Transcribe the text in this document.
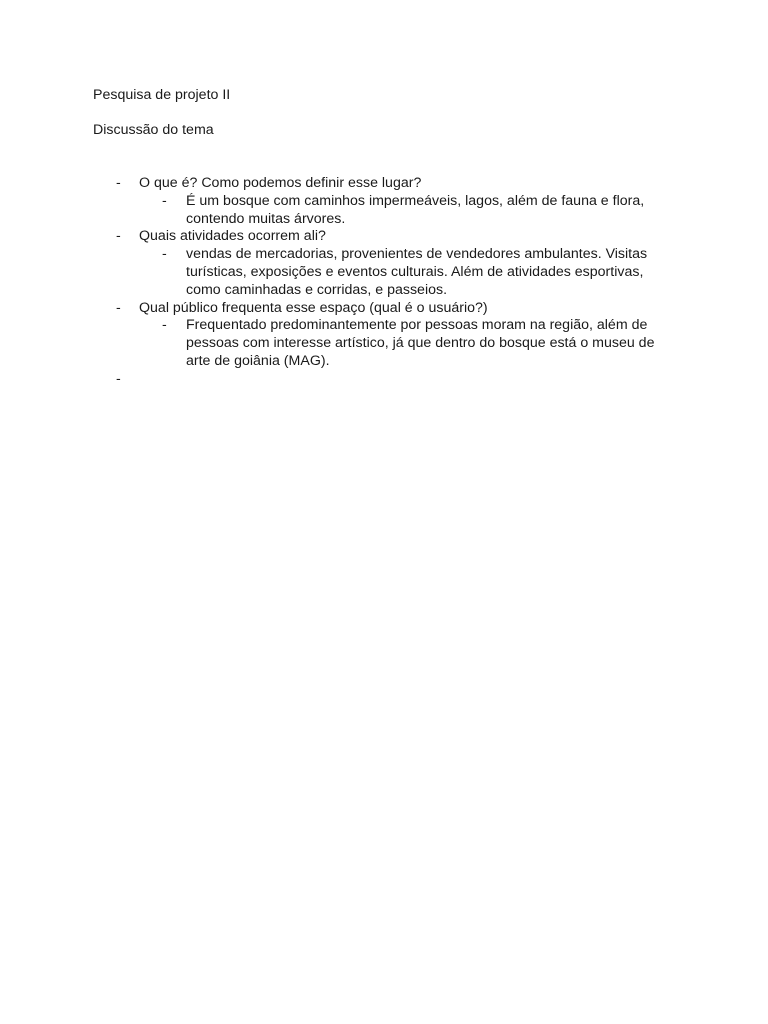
Pesquisa de projeto II
Discussão do tema
- O que é? Como podemos definir esse lugar?
- É um bosque com caminhos impermeáveis, lagos, além de fauna e flora, contendo muitas árvores.
- Quais atividades ocorrem ali?
- vendas de mercadorias, provenientes de vendedores ambulantes. Visitas turísticas, exposições e eventos culturais. Além de atividades esportivas, como caminhadas e corridas, e passeios.
- Qual público frequenta esse espaço (qual é o usuário?)
- Frequentado predominantemente por pessoas moram na região, além de pessoas com interesse artístico, já que dentro do bosque está o museu de arte de goiânia (MAG).
-
